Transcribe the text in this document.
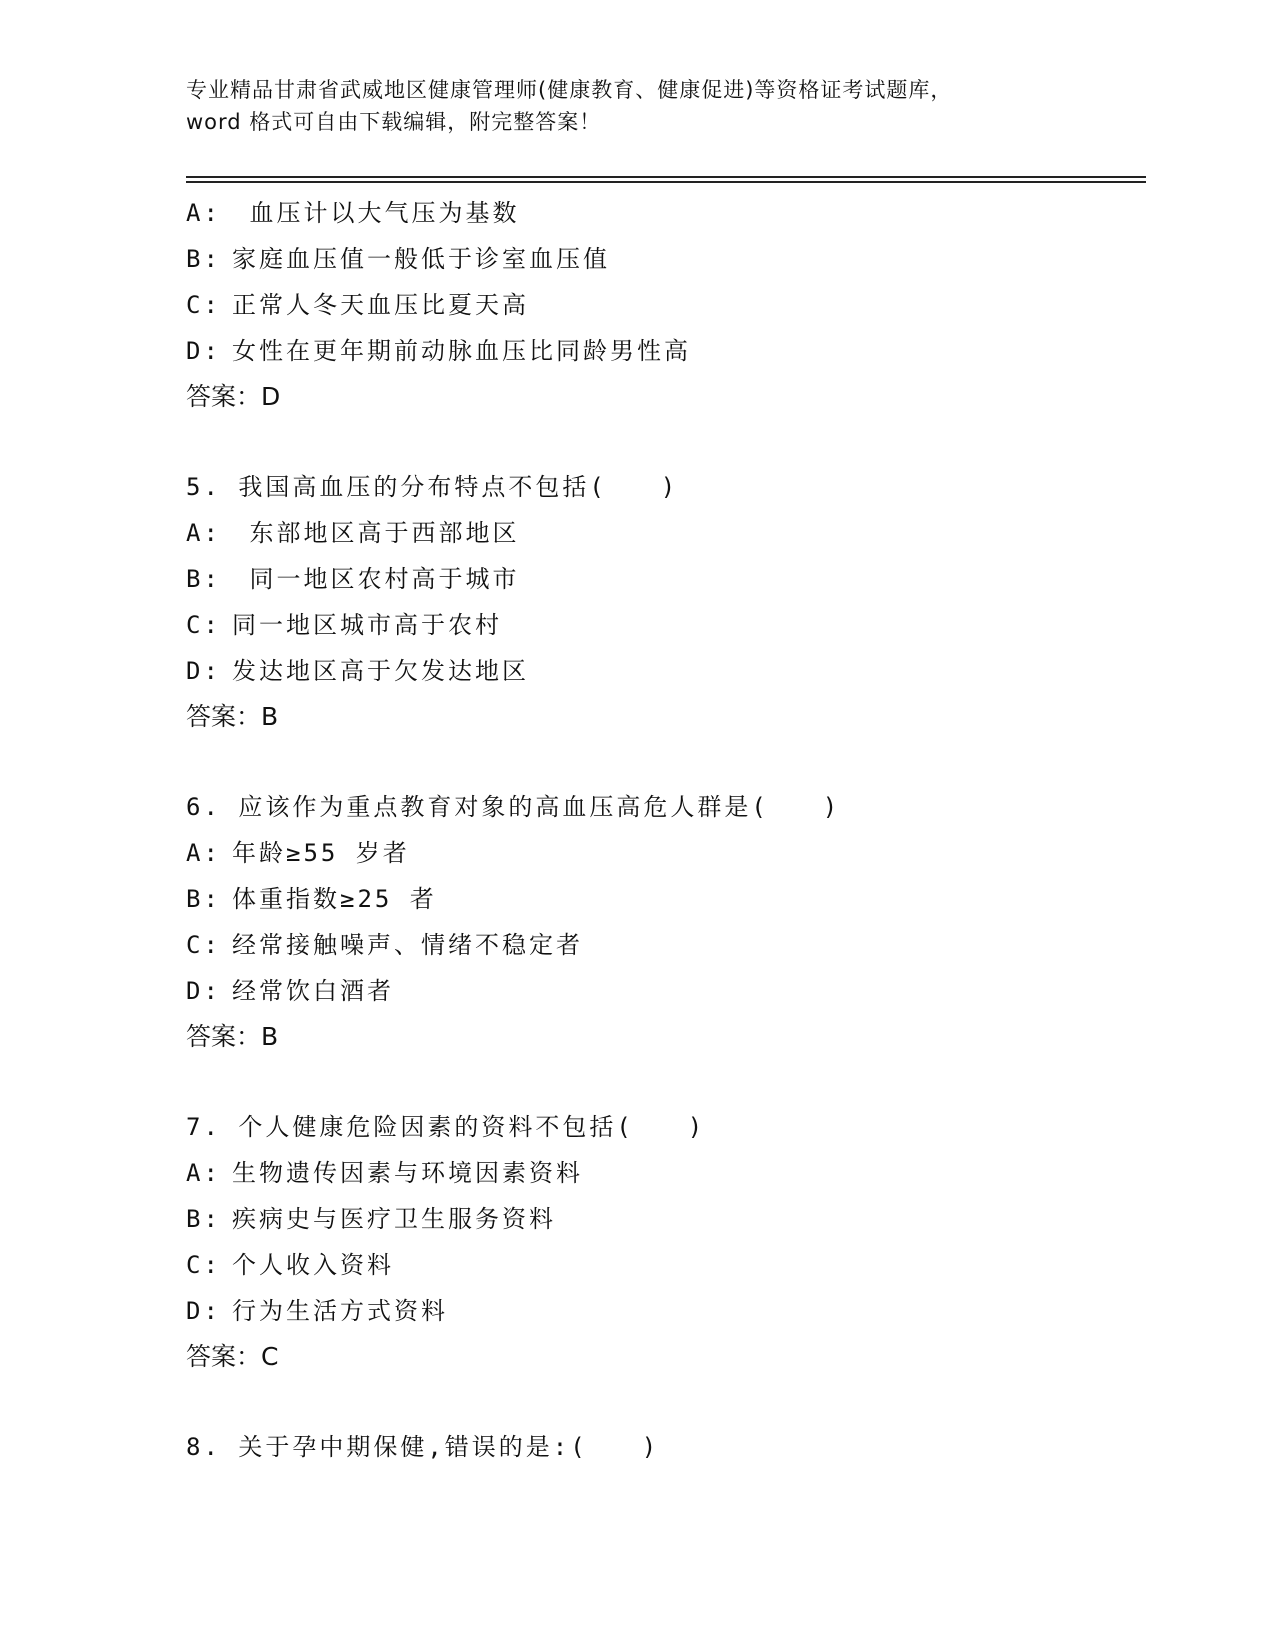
专业精品甘肃省武威地区健康管理师(健康教育、健康促进)等资格证考试题库，
word 格式可自由下载编辑，附完整答案！
A: 血压计以大气压为基数
B: 家庭血压值一般低于诊室血压值
C: 正常人冬天血压比夏天高
D: 女性在更年期前动脉血压比同龄男性高
答案：D
5. 我国高血压的分布特点不包括(　　)
A: 东部地区高于西部地区
B: 同一地区农村高于城市
C: 同一地区城市高于农村
D: 发达地区高于欠发达地区
答案：B
6. 应该作为重点教育对象的高血压高危人群是(　　)
A: 年龄≥55 岁者
B: 体重指数≥25 者
C: 经常接触噪声、情绪不稳定者
D: 经常饮白酒者
答案：B
7. 个人健康危险因素的资料不包括(　　)
A: 生物遗传因素与环境因素资料
B: 疾病史与医疗卫生服务资料
C: 个人收入资料
D: 行为生活方式资料
答案：C
8. 关于孕中期保健,错误的是:(　　)
